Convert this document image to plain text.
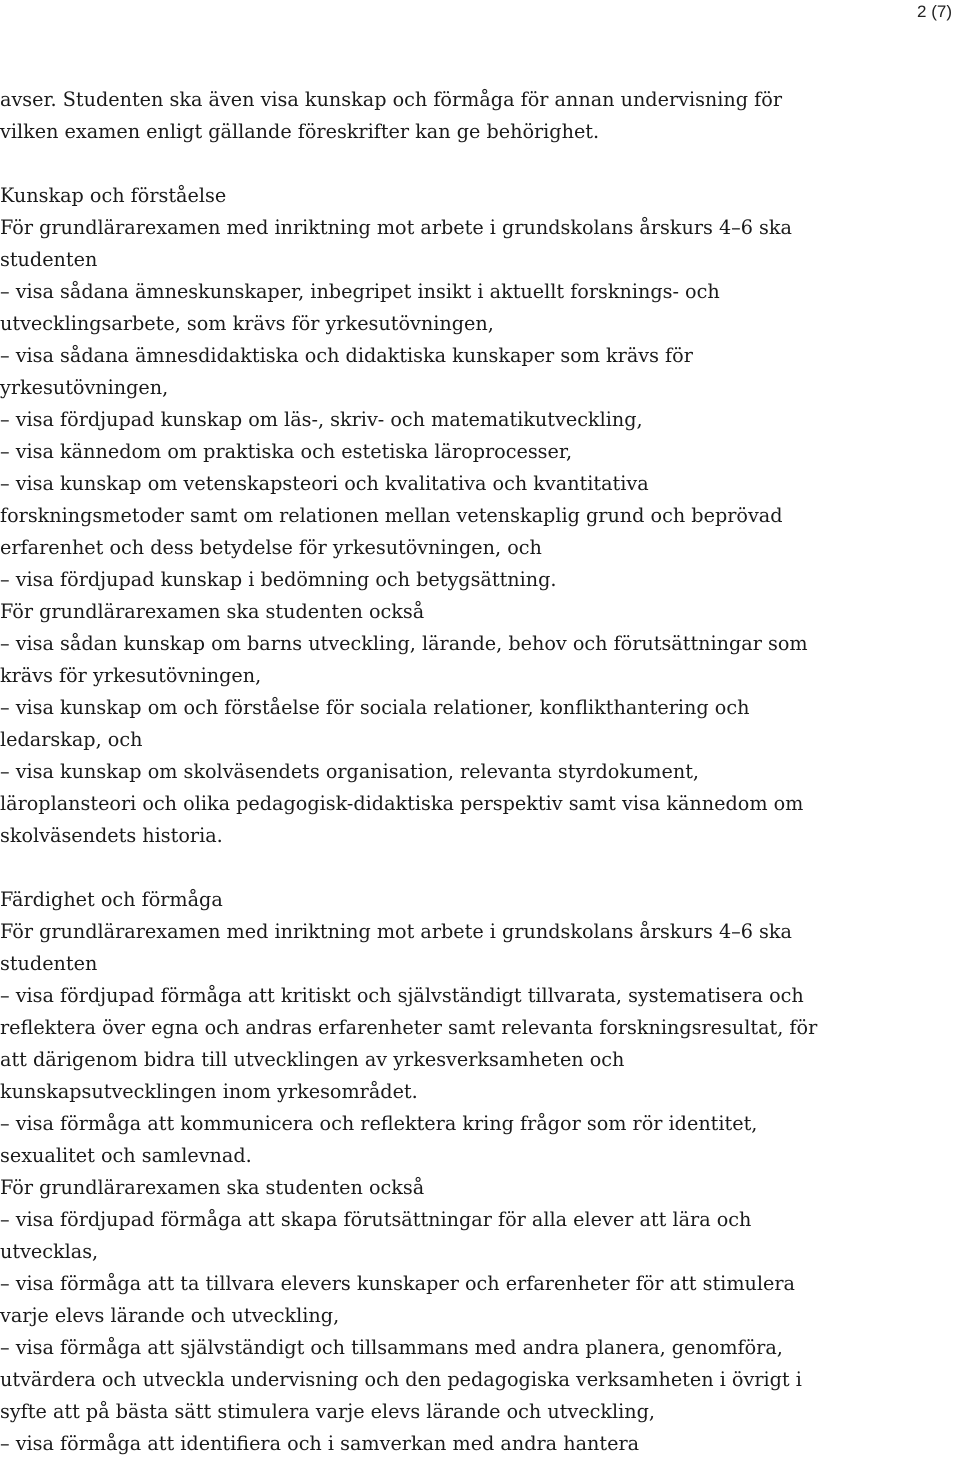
2 (7)
avser. Studenten ska även visa kunskap och förmåga för annan undervisning för
vilken examen enligt gällande föreskrifter kan ge behörighet.
Kunskap och förståelse
För grundlärarexamen med inriktning mot arbete i grundskolans årskurs 4–6 ska
studenten
– visa sådana ämneskunskaper, inbegripet insikt i aktuellt forsknings- och
utvecklingsarbete, som krävs för yrkesutövningen,
– visa sådana ämnesdidaktiska och didaktiska kunskaper som krävs för
yrkesutövningen,
– visa fördjupad kunskap om läs-, skriv- och matematikutveckling,
– visa kännedom om praktiska och estetiska läroprocesser,
– visa kunskap om vetenskapsteori och kvalitativa och kvantitativa
forskningsmetoder samt om relationen mellan vetenskaplig grund och beprövad
erfarenhet och dess betydelse för yrkesutövningen, och
– visa fördjupad kunskap i bedömning och betygsättning.
För grundlärarexamen ska studenten också
– visa sådan kunskap om barns utveckling, lärande, behov och förutsättningar som
krävs för yrkesutövningen,
– visa kunskap om och förståelse för sociala relationer, konflikthantering och
ledarskap, och
– visa kunskap om skolväsendets organisation, relevanta styrdokument,
läroplansteori och olika pedagogisk-didaktiska perspektiv samt visa kännedom om
skolväsendets historia.
Färdighet och förmåga
För grundlärarexamen med inriktning mot arbete i grundskolans årskurs 4–6 ska
studenten
– visa fördjupad förmåga att kritiskt och självständigt tillvarata, systematisera och
reflektera över egna och andras erfarenheter samt relevanta forskningsresultat, för
att därigenom bidra till utvecklingen av yrkesverksamheten och
kunskapsutvecklingen inom yrkesområdet.
– visa förmåga att kommunicera och reflektera kring frågor som rör identitet,
sexualitet och samlevnad.
För grundlärarexamen ska studenten också
– visa fördjupad förmåga att skapa förutsättningar för alla elever att lära och
utvecklas,
– visa förmåga att ta tillvara elevers kunskaper och erfarenheter för att stimulera
varje elevs lärande och utveckling,
– visa förmåga att självständigt och tillsammans med andra planera, genomföra,
utvärdera och utveckla undervisning och den pedagogiska verksamheten i övrigt i
syfte att på bästa sätt stimulera varje elevs lärande och utveckling,
– visa förmåga att identifiera och i samverkan med andra hantera
